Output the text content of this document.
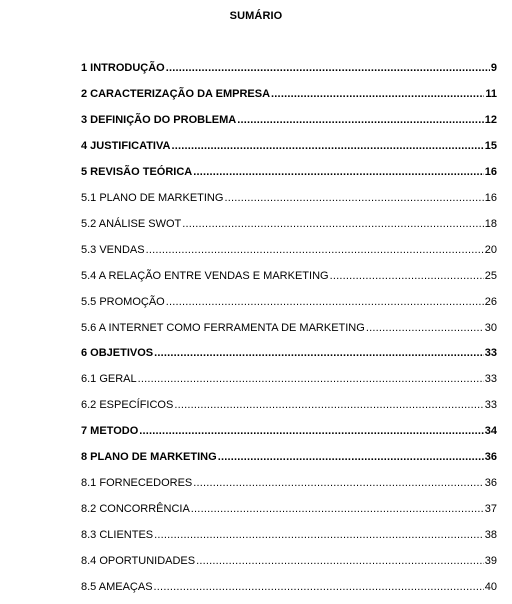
SUMÁRIO
1 INTRODUÇÃO .....	9
2 CARACTERIZAÇÃO DA EMPRESA .....	11
3 DEFINIÇÃO DO PROBLEMA .....	12
4 JUSTIFICATIVA .....	15
5 REVISÃO TEÓRICA .....	16
5.1 PLANO DE MARKETING .....	16
5.2 ANÁLISE SWOT .....	18
5.3 VENDAS .....	20
5.4 A RELAÇÃO ENTRE VENDAS E MARKETING .....	25
5.5 PROMOÇÃO .....	26
5.6 A INTERNET COMO FERRAMENTA DE MARKETING .....	30
6 OBJETIVOS .....	33
6.1 GERAL .....	33
6.2 ESPECÍFICOS .....	33
7 METODO .....	34
8 PLANO DE MARKETING .....	36
8.1 FORNECEDORES .....	36
8.2 CONCORRÊNCIA .....	37
8.3 CLIENTES .....	38
8.4 OPORTUNIDADES .....	39
8.5 AMEAÇAS .....	40
